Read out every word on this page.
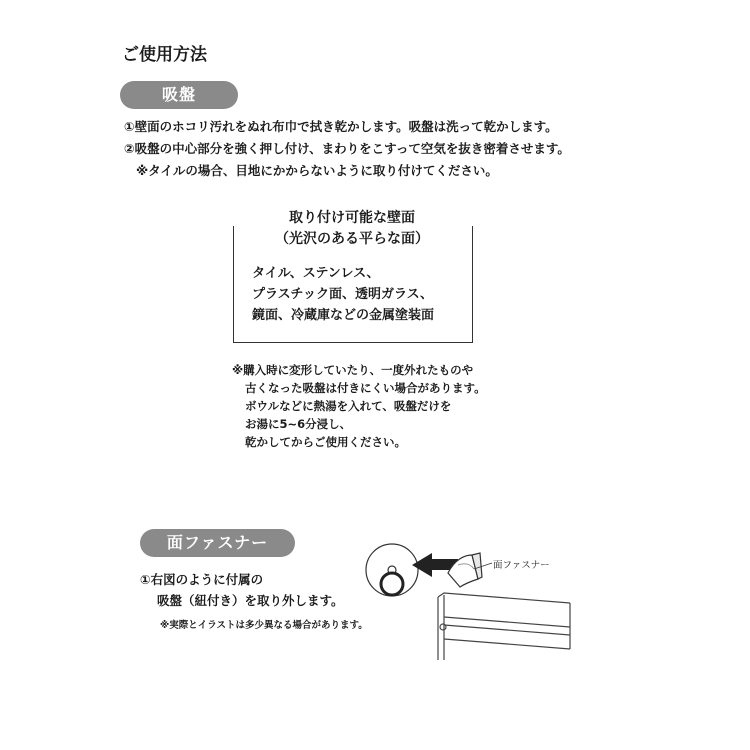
ご使用方法
吸盤
①壁面のホコリ汚れをぬれ布巾で拭き乾かします。吸盤は洗って乾かします。
②吸盤の中心部分を強く押し付け、まわりをこすって空気を抜き密着させます。
※タイルの場合、目地にかからないように取り付けてください。
取り付け可能な壁面
（光沢のある平らな面）
タイル、ステンレス、
プラスチック面、透明ガラス、
鏡面、冷蔵庫などの金属塗装面
※購入時に変形していたり、一度外れたものや
古くなった吸盤は付きにくい場合があります。
ボウルなどに熱湯を入れて、吸盤だけを
お湯に5~6分浸し、
乾かしてからご使用ください。
面ファスナー
①右図のように付属の
吸盤（紐付き）を取り外します。
※実際とイラストは多少異なる場合があります。
面ファスナー
